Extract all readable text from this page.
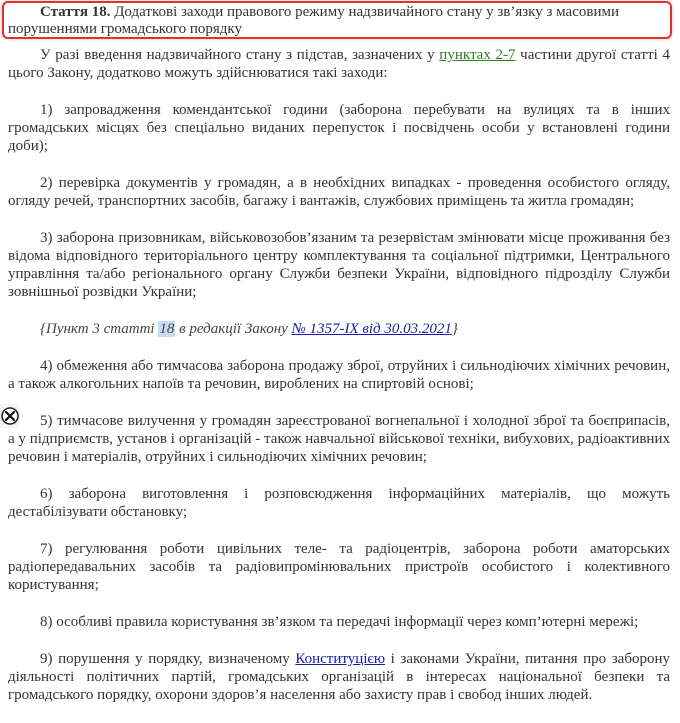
Стаття 18. Додаткові заходи правового режиму надзвичайного стану у зв’язку з масовими порушеннями громадського порядку

У разі введення надзвичайного стану з підстав, зазначених у пунктах 2-7 частини другої статті 4 цього Закону, додатково можуть здійснюватися такі заходи:

1) запровадження комендантської години (заборона перебувати на вулицях та в інших громадських місцях без спеціально виданих перепусток і посвідчень особи у встановлені години доби);

2) перевірка документів у громадян, а в необхідних випадках - проведення особистого огляду, огляду речей, транспортних засобів, багажу і вантажів, службових приміщень та житла громадян;

3) заборона призовникам, військовозобов’язаним та резервістам змінювати місце проживання без відома відповідного територіального центру комплектування та соціальної підтримки, Центрального управління та/або регіонального органу Служби безпеки України, відповідного підрозділу Служби зовнішньої розвідки України;

{Пункт 3 статті 18 в редакції Закону № 1357-IX від 30.03.2021}

4) обмеження або тимчасова заборона продажу зброї, отруйних і сильнодіючих хімічних речовин, а також алкогольних напоїв та речовин, вироблених на спиртовій основі;

5) тимчасове вилучення у громадян зареєстрованої вогнепальної і холодної зброї та боєприпасів, а у підприємств, установ і організацій - також навчальної військової техніки, вибухових, радіоактивних речовин і матеріалів, отруйних і сильнодіючих хімічних речовин;

6) заборона виготовлення і розповсюдження інформаційних матеріалів, що можуть дестабілізувати обстановку;

7) регулювання роботи цивільних теле- та радіоцентрів, заборона роботи аматорських радіопередавальних засобів та радіовипромінювальних пристроїв особистого і колективного користування;

8) особливі правила користування зв’язком та передачі інформації через комп’ютерні мережі;

9) порушення у порядку, визначеному Конституцією і законами України, питання про заборону діяльності політичних партій, громадських організацій в інтересах національної безпеки та громадського порядку, охорони здоров’я населення або захисту прав і свобод інших людей.
